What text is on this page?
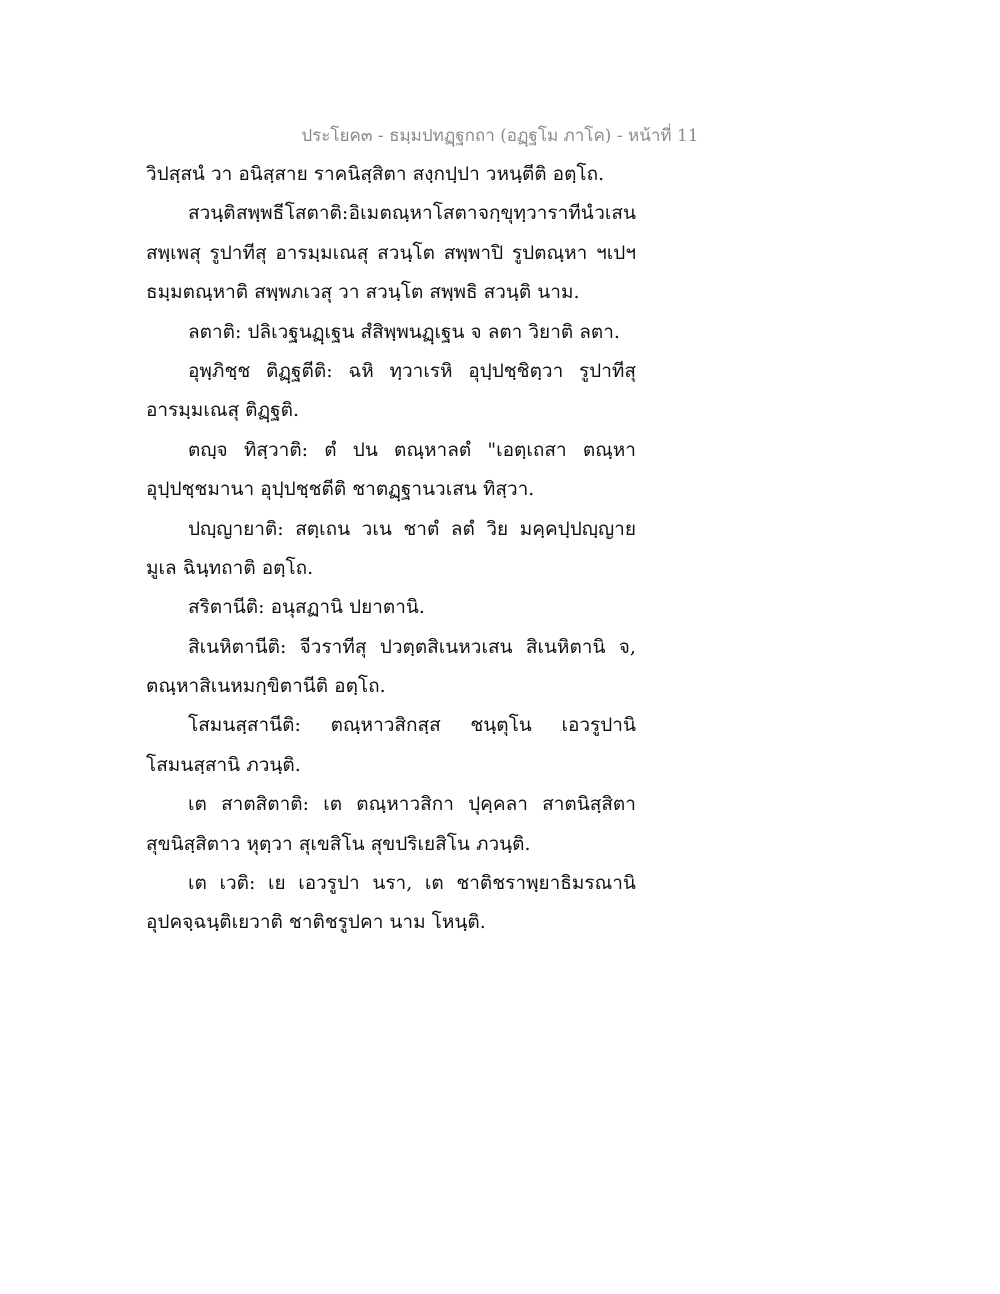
ประโยค๓ - ธมฺมปทฏฺฐกถา (อฏฺฐโม ภาโค) - หน้าที่ 11
วิปสฺสนํ วา อนิสฺสาย ราคนิสฺสิตา สงฺกปฺปา วหนฺตีติ อตฺโถ.
สวนฺติ สพฺพธี โสตาติ: อิเม ตณฺหาโสตา จกฺขุทฺวาราทีนํ วเสน
สพฺเพสุ รูปาทีสุ อารมฺมเณสุ สวนฺโต สพฺพาปิ รูปตณฺหา ฯเปฯ
ธมฺมตณฺหาติ สพฺพภเวสุ วา สวนฺโต สพฺพธิ สวนฺติ นาม.
ลตาติ: ปลิเวฐนฏฺเฐน สํสิพฺพนฏฺเฐน จ ลตา วิยาติ ลตา.
อุพฺภิชฺช ติฏฺฐตีติ: ฉหิ ทฺวาเรหิ อุปฺปชฺชิตฺวา รูปาทีสุ
อารมฺมเณสุ ติฏฺฐติ.
ตญฺจ ทิสฺวาติ: ตํ ปน ตณฺหาลตํ "เอตฺเถสา ตณฺหา
อุปฺปชฺชมานา อุปฺปชฺชตีติ ชาตฏฺฐานวเสน ทิสฺวา.
ปญฺญายาติ: สตฺเถน วเน ชาตํ ลตํ วิย มคฺคปฺปญฺญาย
มูเล ฉินฺทถาติ อตฺโถ.
สริตานีติ: อนุสฏานิ ปยาตานิ.
สิเนหิตานีติ: จีวราทีสุ ปวตฺตสิเนหวเสน สิเนหิตานิ จ,
ตณฺหาสิเนหมกฺขิตานีติ อตฺโถ.
โสมนสฺสานีติ: ตณฺหาวสิกสฺส ชนฺตุโน เอวรูปานิ
โสมนสฺสานิ ภวนฺติ.
เต สาตสิตาติ: เต ตณฺหาวสิกา ปุคฺคลา สาตนิสฺสิตา
สุขนิสฺสิตาว หุตฺวา สุเขสิโน สุขปริเยสิโน ภวนฺติ.
เต เวติ: เย เอวรูปา นรา, เต ชาติชราพฺยาธิมรณานิ
อุปคจฺฉนฺติเยวาติ ชาติชรูปคา นาม โหนฺติ.
